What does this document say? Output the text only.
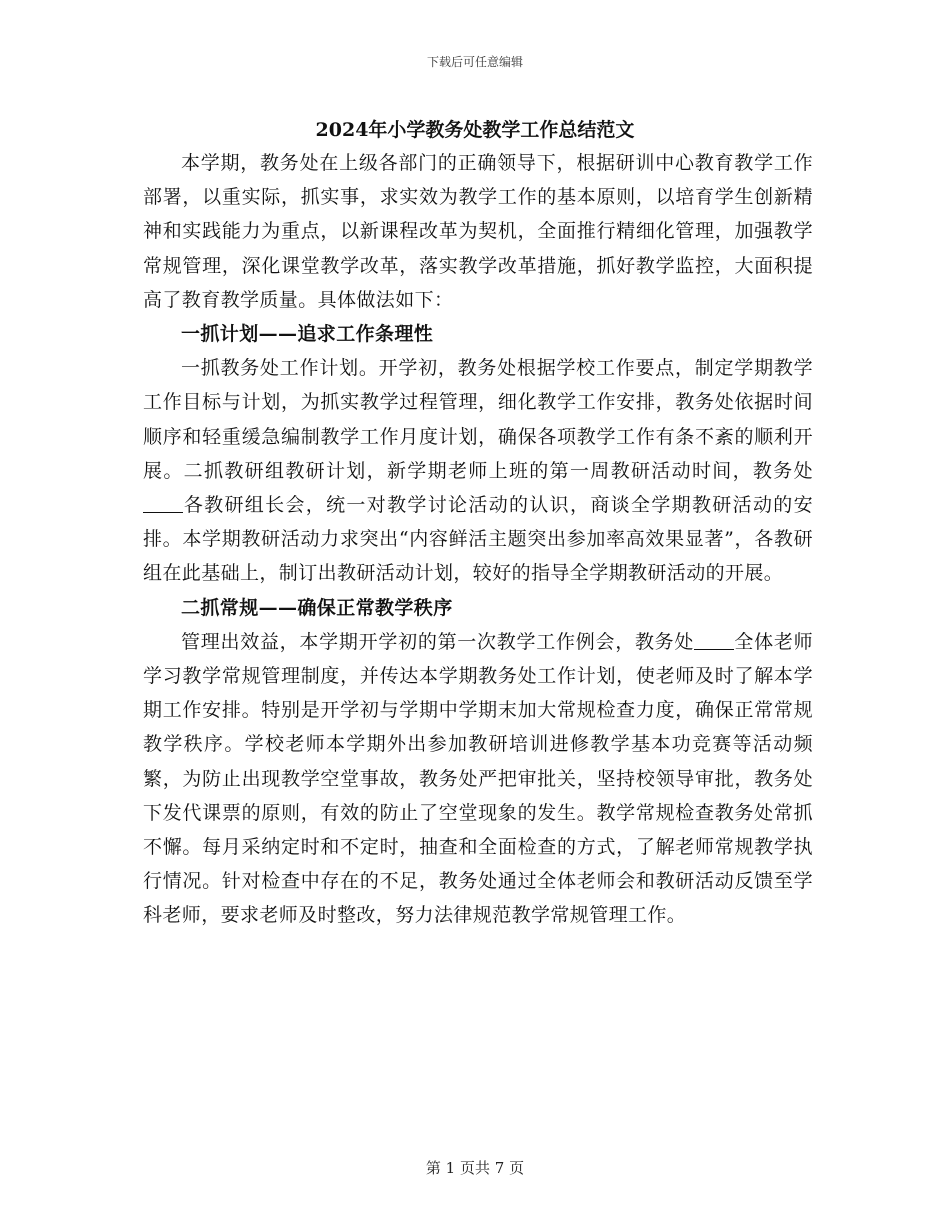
下载后可任意编辑
2024年小学教务处教学工作总结范文

本学期，教务处在上级各部门的正确领导下，根据研训中心教育教学工作部署，以重实际，抓实事，求实效为教学工作的基本原则，以培育学生创新精神和实践能力为重点，以新课程改革为契机，全面推行精细化管理，加强教学常规管理，深化课堂教学改革，落实教学改革措施，抓好教学监控，大面积提高了教育教学质量。具体做法如下：

一抓计划——追求工作条理性

一抓教务处工作计划。开学初，教务处根据学校工作要点，制定学期教学工作目标与计划，为抓实教学过程管理，细化教学工作安排，教务处依据时间顺序和轻重缓急编制教学工作月度计划，确保各项教学工作有条不紊的顺利开展。二抓教研组教研计划，新学期老师上班的第一周教研活动时间，教务处各教研组长会，统一对教学讨论活动的认识，商谈全学期教研活动的安排。本学期教研活动力求突出“内容鲜活主题突出参加率高效果显著”，各教研组在此基础上，制订出教研活动计划，较好的指导全学期教研活动的开展。

二抓常规——确保正常教学秩序

管理出效益，本学期开学初的第一次教学工作例会，教务处 全体老师学习教学常规管理制度，并传达本学期教务处工作计划，使老师及时了解本学期工作安排。特别是开学初与学期中学期末加大常规检查力度，确保正常常规教学秩序。学校老师本学期外出参加教研培训进修教学基本功竞赛等活动频繁，为防止出现教学空堂事故，教务处严把审批关，坚持校领导审批，教务处下发代课票的原则，有效的防止了空堂现象的发生。教学常规检查教务处常抓不懈。每月采纳定时和不定时，抽查和全面检查的方式，了解老师常规教学执行情况。针对检查中存在的不足，教务处通过全体老师会和教研活动反馈至学科老师，要求老师及时整改，努力法律规范教学常规管理工作。

第 1 页共 7 页
